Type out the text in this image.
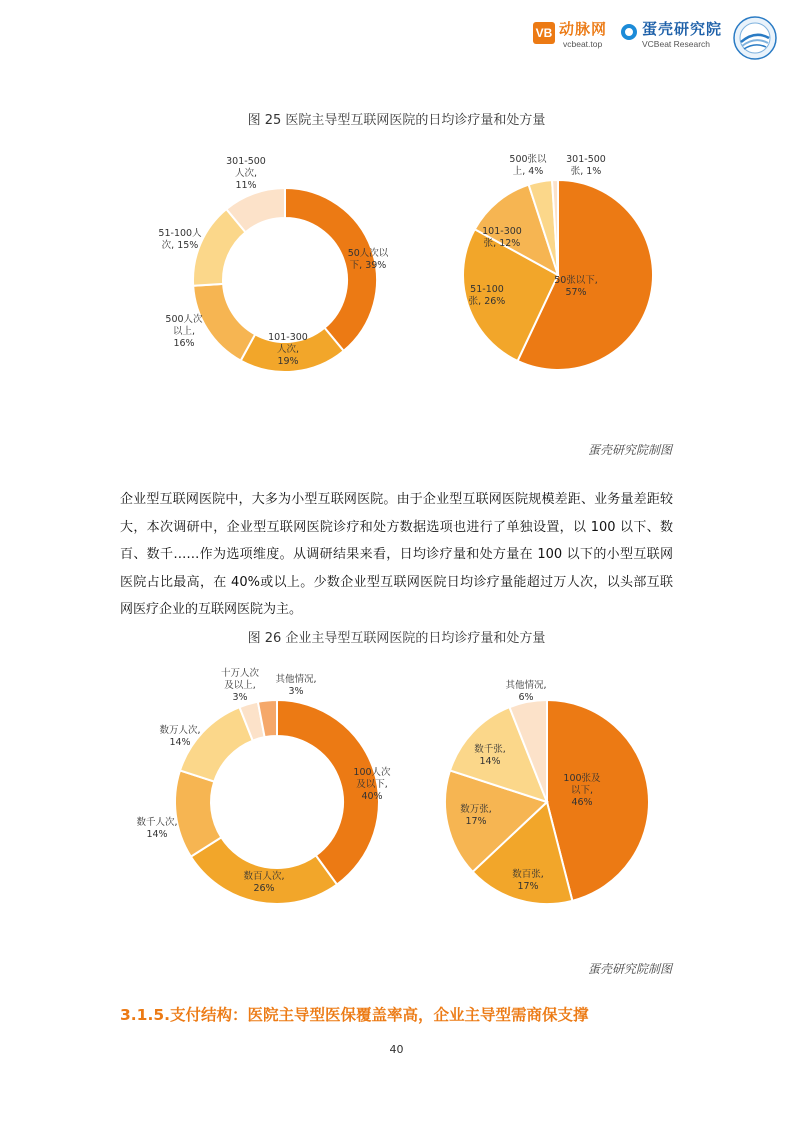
VB 动脉网
vcbeat.top
蛋壳研究院
VCBeat Research
图 25 医院主导型互联网医院的日均诊疗量和处方量
50人次以
下, 39%
101-300
人次,
19%
500人次
以上,
16%
51-100人
次, 15%
301-500
人次,
11%
50张以下,
57%
51-100
张, 26%
101-300
张, 12%
500张以
上, 4%
301-500
张, 1%
蛋壳研究院制图
企业型互联网医院中，大多为小型互联网医院。由于企业型互联网医院规模差距、业务量差距较大，本次调研中，企业型互联网医院诊疗和处方数据选项也进行了单独设置，以 100 以下、数百、数千……作为选项维度。从调研结果来看，日均诊疗量和处方量在 100 以下的小型互联网医院占比最高，在 40%或以上。少数企业型互联网医院日均诊疗量能超过万人次，以头部互联网医疗企业的互联网医院为主。
图 26 企业主导型互联网医院的日均诊疗量和处方量
100人次
及以下,
40%
数百人次,
26%
数千人次,
14%
数万人次,
14%
十万人次
及以上,
3%
其他情况,
3%
100张及
以下,
46%
数百张,
17%
数万张,
17%
数千张,
14%
其他情况,
6%
蛋壳研究院制图
3.1.5.支付结构：医院主导型医保覆盖率高，企业主导型需商保支撑
40
